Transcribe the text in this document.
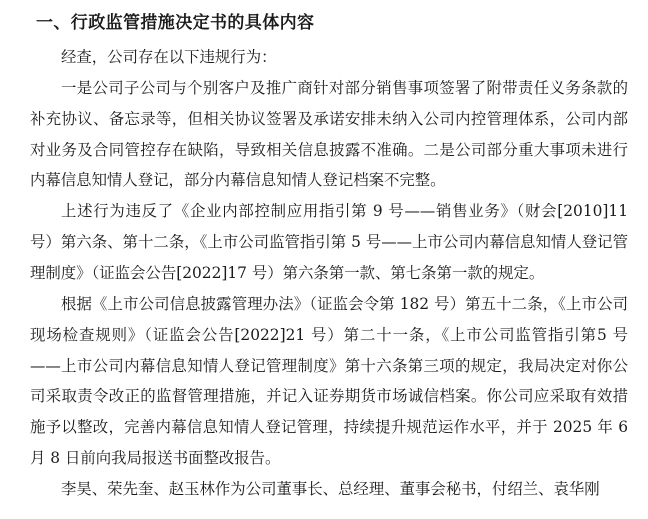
一、行政监管措施决定书的具体内容

经查，公司存在以下违规行为：

一是公司子公司与个别客户及推广商针对部分销售事项签署了附带责任义务条款的补充协议、备忘录等，但相关协议签署及承诺安排未纳入公司内控管理体系，公司内部对业务及合同管控存在缺陷，导致相关信息披露不准确。二是公司部分重大事项未进行内幕信息知情人登记，部分内幕信息知情人登记档案不完整。

上述行为违反了《企业内部控制应用指引第 9 号——销售业务》（财会[2010]11号）第六条、第十二条，《上市公司监管指引第 5 号——上市公司内幕信息知情人登记管理制度》（证监会公告[2022]17 号）第六条第一款、第七条第一款的规定。

根据《上市公司信息披露管理办法》（证监会令第 182 号）第五十二条，《上市公司现场检查规则》（证监会公告[2022]21 号）第二十一条，《上市公司监管指引第5 号——上市公司内幕信息知情人登记管理制度》第十六条第三项的规定，我局决定对你公司采取责令改正的监督管理措施，并记入证券期货市场诚信档案。你公司应采取有效措施予以整改，完善内幕信息知情人登记管理，持续提升规范运作水平，并于 2025 年 6 月 8 日前向我局报送书面整改报告。

李昊、荣先奎、赵玉林作为公司董事长、总经理、董事会秘书，付绍兰、袁华刚
